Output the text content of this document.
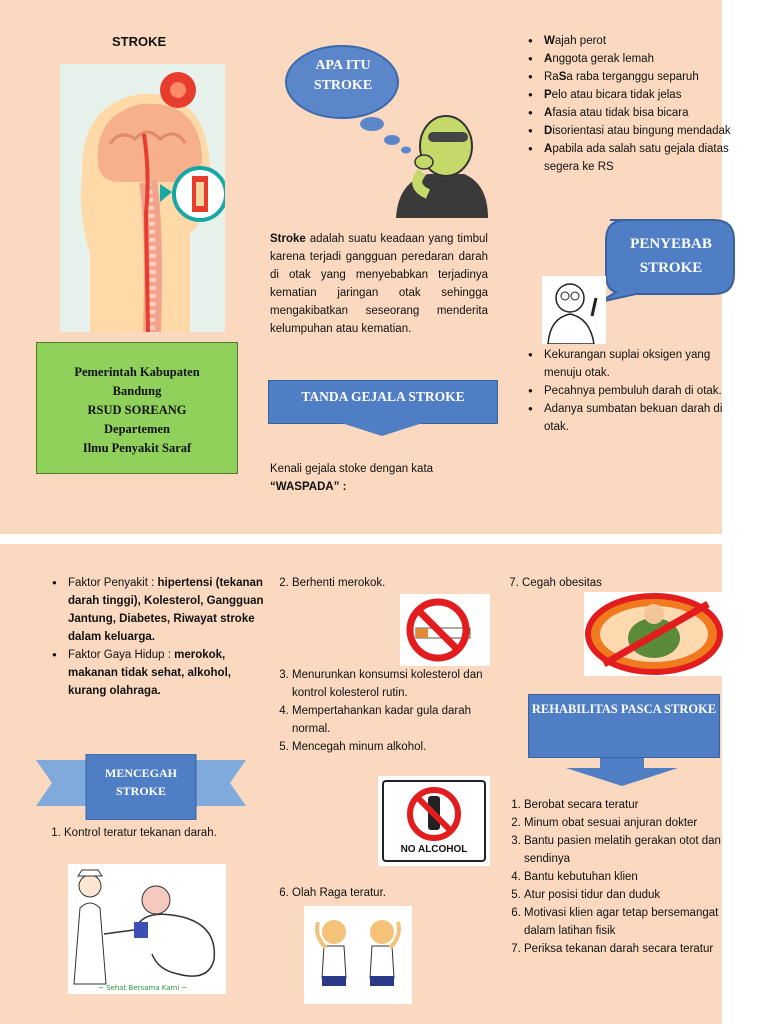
STROKE
Pemerintah Kabupaten
Bandung
RSUD SOREANG
Departemen
Ilmu Penyakit Saraf
APA ITU STROKE
Stroke adalah suatu keadaan yang timbul karena terjadi gangguan peredaran darah di otak yang menyebabkan terjadinya kematian jaringan otak sehingga mengakibatkan seseorang menderita kelumpuhan atau kematian.
TANDA GEJALA STROKE
Kenali gejala stoke dengan kata
“WASPADA” :
● Wajah perot
● Anggota gerak lemah
● RaSa raba terganggu separuh
● Pelo atau bicara tidak jelas
● Afasia atau tidak bisa bicara
● Disorientasi atau bingung mendadak
● Apabila ada salah satu gejala diatas segera ke RS
PENYEBAB STROKE
● Kekurangan suplai oksigen yang menuju otak.
● Pecahnya pembuluh darah di otak.
● Adanya sumbatan bekuan darah di otak.
● Faktor Penyakit : hipertensi (tekanan darah tinggi), Kolesterol, Gangguan Jantung, Diabetes, Riwayat stroke dalam keluarga.
● Faktor Gaya Hidup : merokok, makanan tidak sehat, alkohol, kurang olahraga.
MENCEGAH STROKE
1. Kontrol teratur tekanan darah.
~ Sehat Bersama Kami ~
2. Berhenti merokok.
3. Menurunkan konsumsi kolesterol dan kontrol kolesterol rutin.
4. Mempertahankan kadar gula darah normal.
5. Mencegah minum alkohol.
NO ALCOHOL
6. Olah Raga teratur.
7. Cegah obesitas
REHABILITAS PASCA STROKE
1. Berobat secara teratur
2. Minum obat sesuai anjuran dokter
3. Bantu pasien melatih gerakan otot dan sendinya
4. Bantu kebutuhan klien
5. Atur posisi tidur dan duduk
6. Motivasi klien agar tetap bersemangat dalam latihan fisik
7. Periksa tekanan darah secara teratur
